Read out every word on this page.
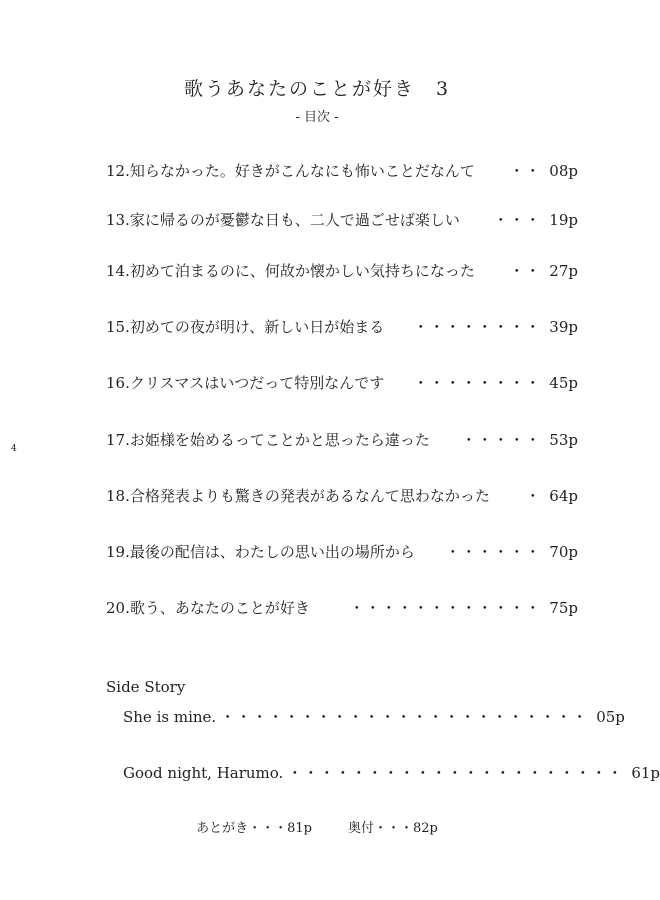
歌うあなたのことが好き　3
- 目次 -
4
12. 知らなかった。好きがこんなにも怖いことだなんて	・・ 08p
13. 家に帰るのが憂鬱な日も、二人で過ごせば楽しい	・・・ 19p
14. 初めて泊まるのに、何故か懐かしい気持ちになった	・・ 27p
15. 初めての夜が明け、新しい日が始まる	・・・・・・・・ 39p
16. クリスマスはいつだって特別なんです	・・・・・・・・ 45p
17. お姫様を始めるってことかと思ったら違った	・・・・・ 53p
18. 合格発表よりも驚きの発表があるなんて思わなかった	・ 64p
19. 最後の配信は、わたしの思い出の場所から	・・・・・・ 70p
20. 歌う、あなたのことが好き	・・・・・・・・・・・・ 75p
Side Story
She is mine. ・・・・・・・・・・・・・・・・・・・・・・・ 05p
Good night, Harumo. ・・・・・・・・・・・・・・・・・・・・・ 61p
あとがき・・・81p	奥付・・・82p
